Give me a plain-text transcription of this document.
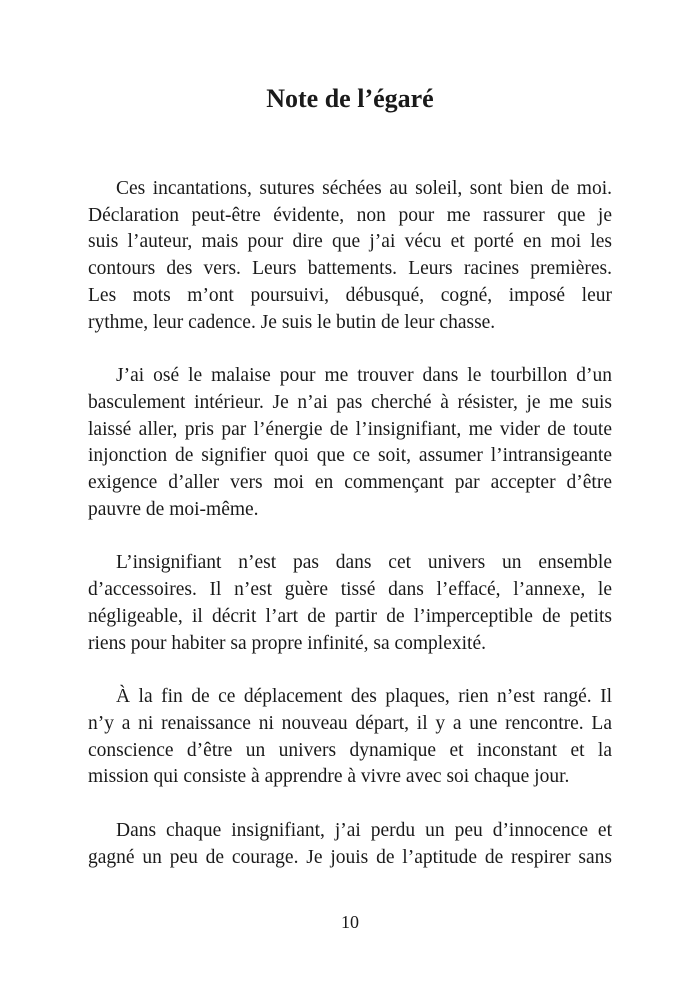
Note de l’égaré
Ces incantations, sutures séchées au soleil, sont bien de moi.
Déclaration peut-être évidente, non pour me rassurer que je
suis l’auteur, mais pour dire que j’ai vécu et porté en moi les
contours des vers. Leurs battements. Leurs racines premières.
Les mots m’ont poursuivi, débusqué, cogné, imposé leur
rythme, leur cadence. Je suis le butin de leur chasse.
J’ai osé le malaise pour me trouver dans le tourbillon d’un
basculement intérieur. Je n’ai pas cherché à résister, je me suis
laissé aller, pris par l’énergie de l’insignifiant, me vider de toute
injonction de signifier quoi que ce soit, assumer l’intransigeante
exigence d’aller vers moi en commençant par accepter d’être
pauvre de moi-même.
L’insignifiant n’est pas dans cet univers un ensemble
d’accessoires. Il n’est guère tissé dans l’effacé, l’annexe, le
négligeable, il décrit l’art de partir de l’imperceptible de petits
riens pour habiter sa propre infinité, sa complexité.
À la fin de ce déplacement des plaques, rien n’est rangé. Il
n’y a ni renaissance ni nouveau départ, il y a une rencontre. La
conscience d’être un univers dynamique et inconstant et la
mission qui consiste à apprendre à vivre avec soi chaque jour.
Dans chaque insignifiant, j’ai perdu un peu d’innocence et
gagné un peu de courage. Je jouis de l’aptitude de respirer sans
10
